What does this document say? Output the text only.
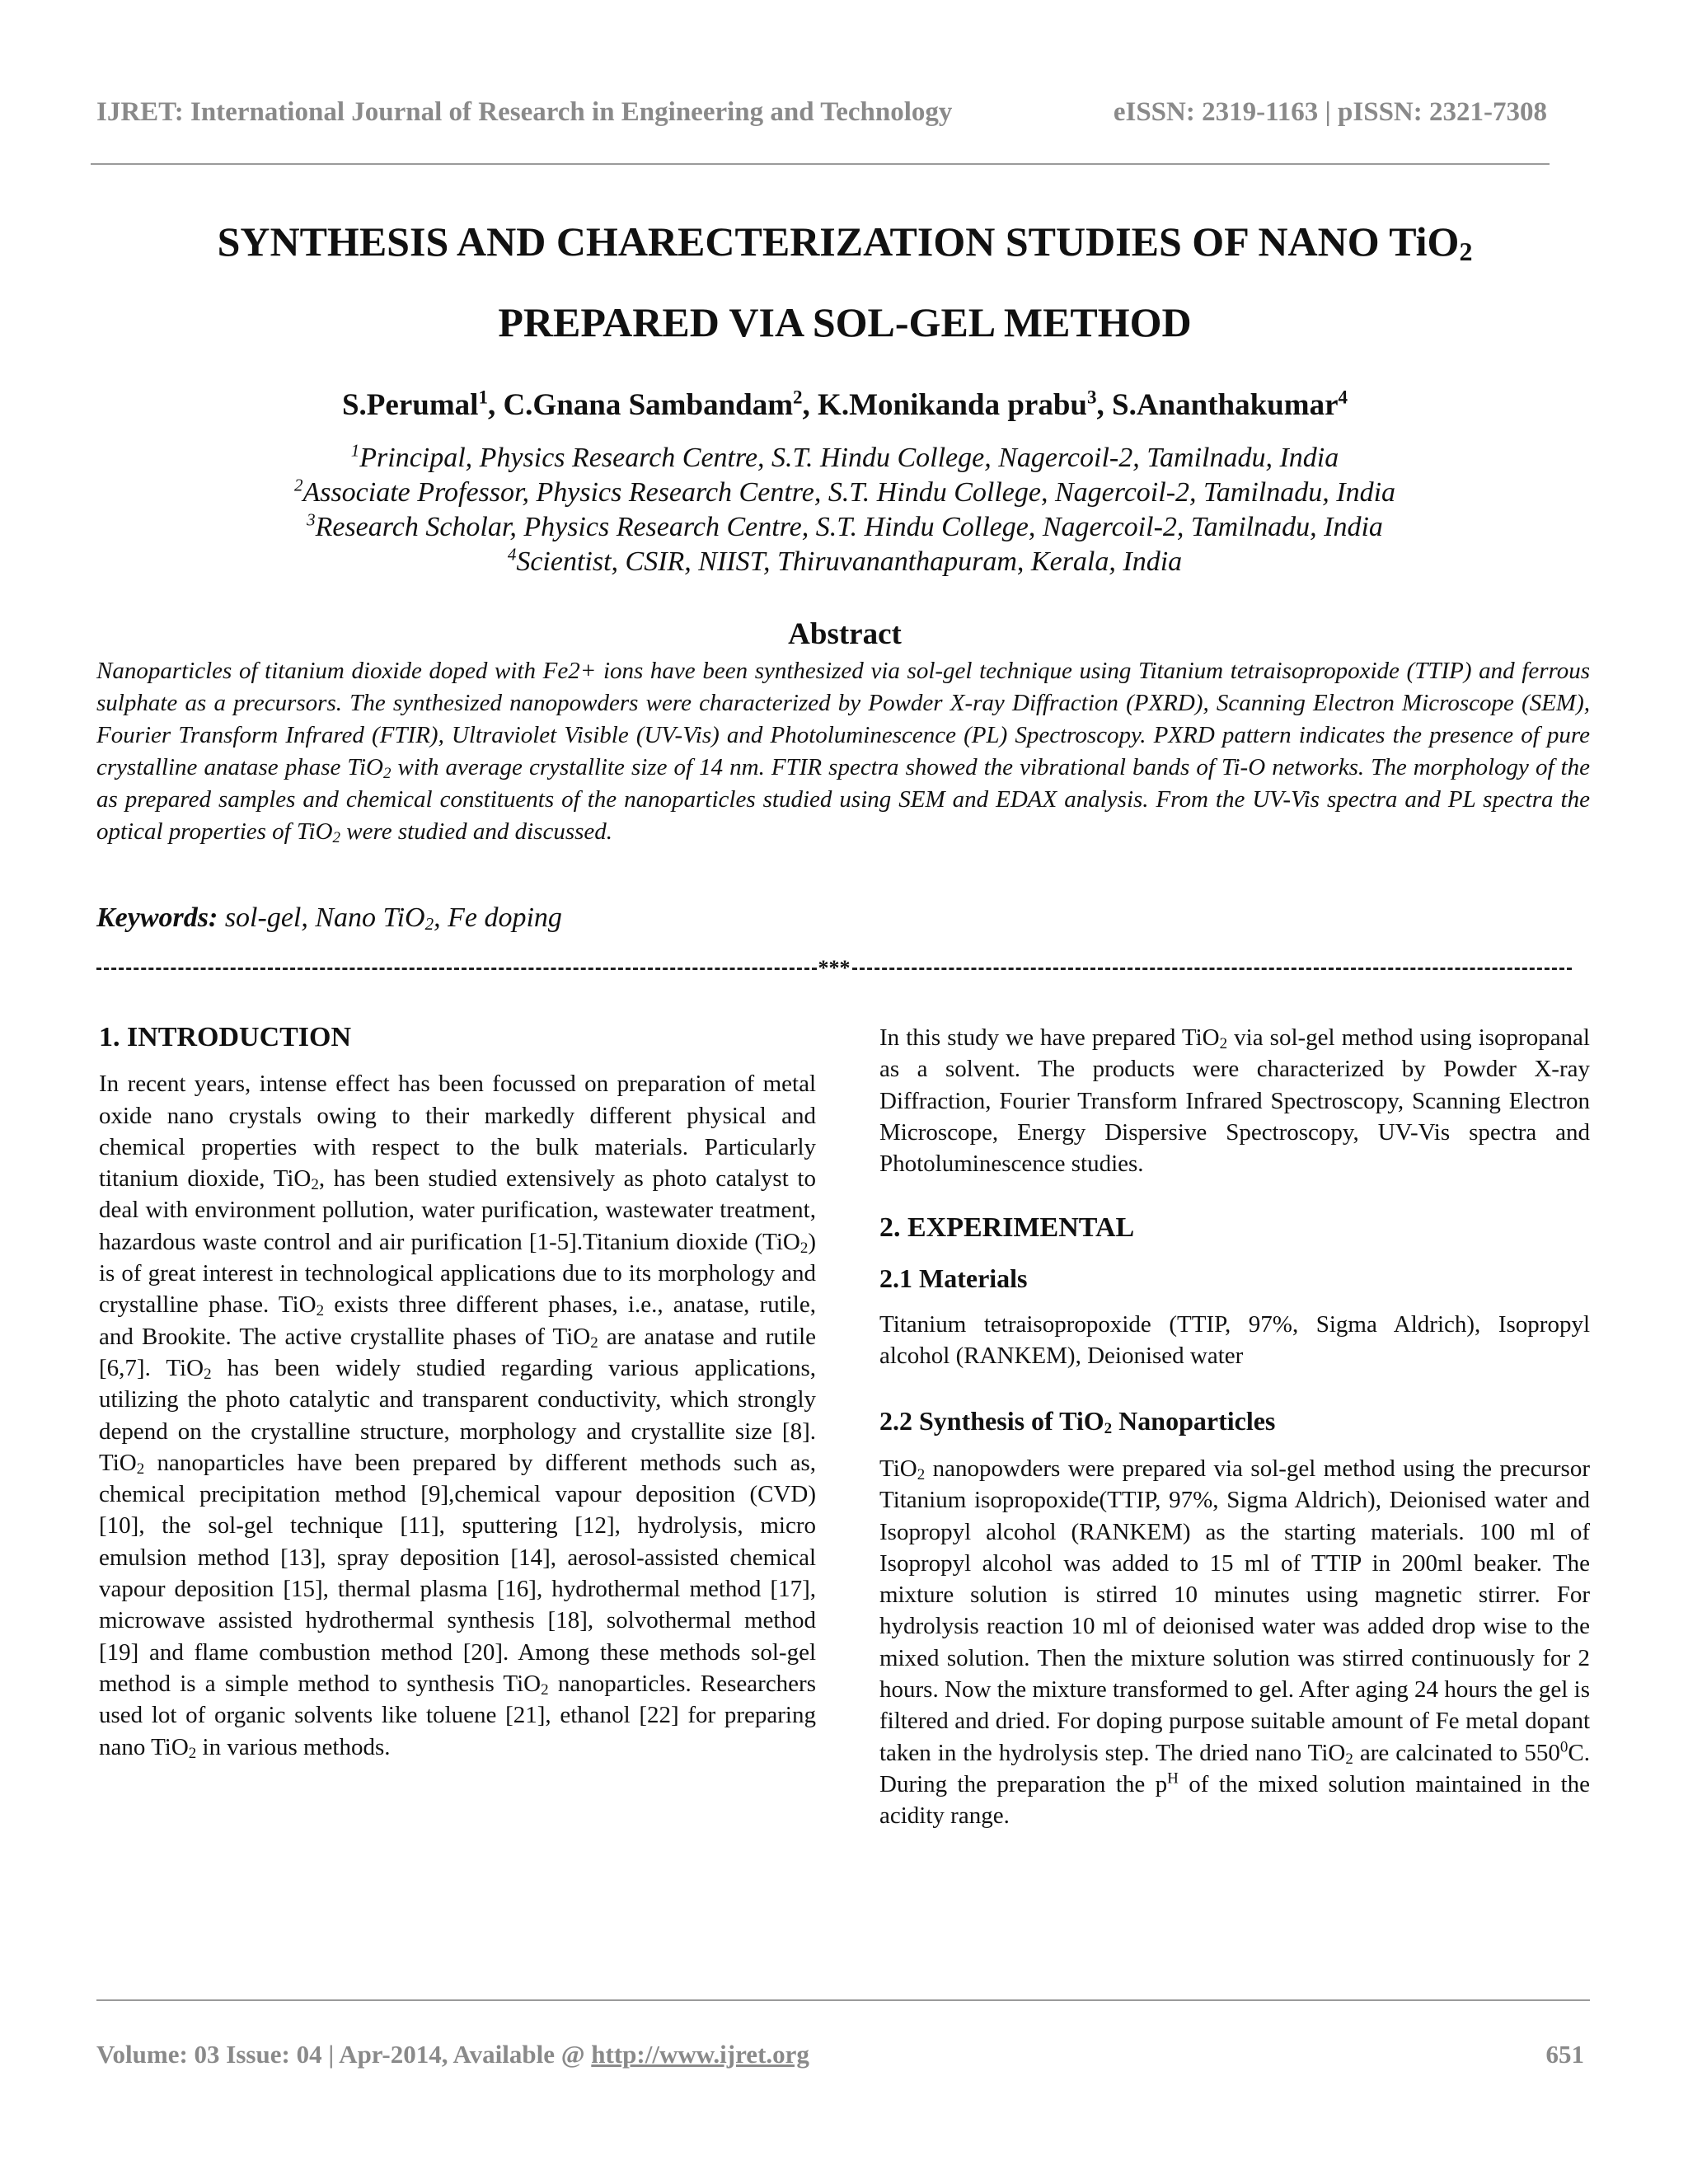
IJRET: International Journal of Research in Engineering and Technology	eISSN: 2319-1163 | pISSN: 2321-7308
SYNTHESIS AND CHARECTERIZATION STUDIES OF NANO TiO$_2$
PREPARED VIA SOL-GEL METHOD
S.Perumal$^1$, C.Gnana Sambandam$^2$, K.Monikanda prabu$^3$, S.Ananthakumar$^4$
$^1$Principal, Physics Research Centre, S.T. Hindu College, Nagercoil-2, Tamilnadu, India
$^2$Associate Professor, Physics Research Centre, S.T. Hindu College, Nagercoil-2, Tamilnadu, India
$^3$Research Scholar, Physics Research Centre, S.T. Hindu College, Nagercoil-2, Tamilnadu, India
$^4$Scientist, CSIR, NIIST, Thiruvananthapuram, Kerala, India
Abstract
Nanoparticles of titanium dioxide doped with Fe2+ ions have been synthesized via sol-gel technique using Titanium tetraisopropoxide (TTIP) and ferrous sulphate as a precursors. The synthesized nanopowders were characterized by Powder X-ray Diffraction (PXRD), Scanning Electron Microscope (SEM), Fourier Transform Infrared (FTIR), Ultraviolet Visible (UV-Vis) and Photoluminescence (PL) Spectroscopy. PXRD pattern indicates the presence of pure crystalline anatase phase TiO$_2$ with average crystallite size of 14 nm. FTIR spectra showed the vibrational bands of Ti-O networks. The morphology of the as prepared samples and chemical constituents of the nanoparticles studied using SEM and EDAX analysis. From the UV-Vis spectra and PL spectra the optical properties of TiO$_2$ were studied and discussed.
Keywords: sol-gel, Nano TiO$_2$, Fe doping
***
1. INTRODUCTION

In recent years, intense effect has been focussed on preparation of metal oxide nano crystals owing to their markedly different physical and chemical properties with respect to the bulk materials. Particularly titanium dioxide, TiO$_2$, has been studied extensively as photo catalyst to deal with environment pollution, water purification, wastewater treatment, hazardous waste control and air purification [1-5].Titanium dioxide (TiO$_2$) is of great interest in technological applications due to its morphology and crystalline phase. TiO$_2$ exists three different phases, i.e., anatase, rutile, and Brookite. The active crystallite phases of TiO$_2$ are anatase and rutile [6,7]. TiO$_2$ has been widely studied regarding various applications, utilizing the photo catalytic and transparent conductivity, which strongly depend on the crystalline structure, morphology and crystallite size [8]. TiO$_2$ nanoparticles have been prepared by different methods such as, chemical precipitation method [9],chemical vapour deposition (CVD) [10], the sol-gel technique [11], sputtering [12], hydrolysis, micro emulsion method [13], spray deposition [14], aerosol-assisted chemical vapour deposition [15], thermal plasma [16], hydrothermal method [17], microwave assisted hydrothermal synthesis [18], solvothermal method [19] and flame combustion method [20]. Among these methods sol-gel method is a simple method to synthesis TiO$_2$ nanoparticles. Researchers used lot of organic solvents like toluene [21], ethanol [22] for preparing nano TiO$_2$ in various methods.

In this study we have prepared TiO$_2$ via sol-gel method using isopropanal as a solvent. The products were characterized by Powder X-ray Diffraction, Fourier Transform Infrared Spectroscopy, Scanning Electron Microscope, Energy Dispersive Spectroscopy, UV-Vis spectra and Photoluminescence studies.

2. EXPERIMENTAL
2.1 Materials

Titanium tetraisopropoxide (TTIP, 97%, Sigma Aldrich), Isopropyl alcohol (RANKEM), Deionised water

2.2 Synthesis of TiO$_2$ Nanoparticles

TiO$_2$ nanopowders were prepared via sol-gel method using the precursor Titanium isopropoxide(TTIP, 97%, Sigma Aldrich), Deionised water and Isopropyl alcohol (RANKEM) as the starting materials. 100 ml of Isopropyl alcohol was added to 15 ml of TTIP in 200ml beaker. The mixture solution is stirred 10 minutes using magnetic stirrer. For hydrolysis reaction 10 ml of deionised water was added drop wise to the mixed solution. Then the mixture solution was stirred continuously for 2 hours. Now the mixture transformed to gel. After aging 24 hours the gel is filtered and dried. For doping purpose suitable amount of Fe metal dopant taken in the hydrolysis step. The dried nano TiO$_2$ are calcinated to $550^0C$. During the preparation the $p^H$ of the mixed solution maintained in the acidity range.

Volume: 03 Issue: 04 | Apr-2014, Available @ http://www.ijret.org	651
